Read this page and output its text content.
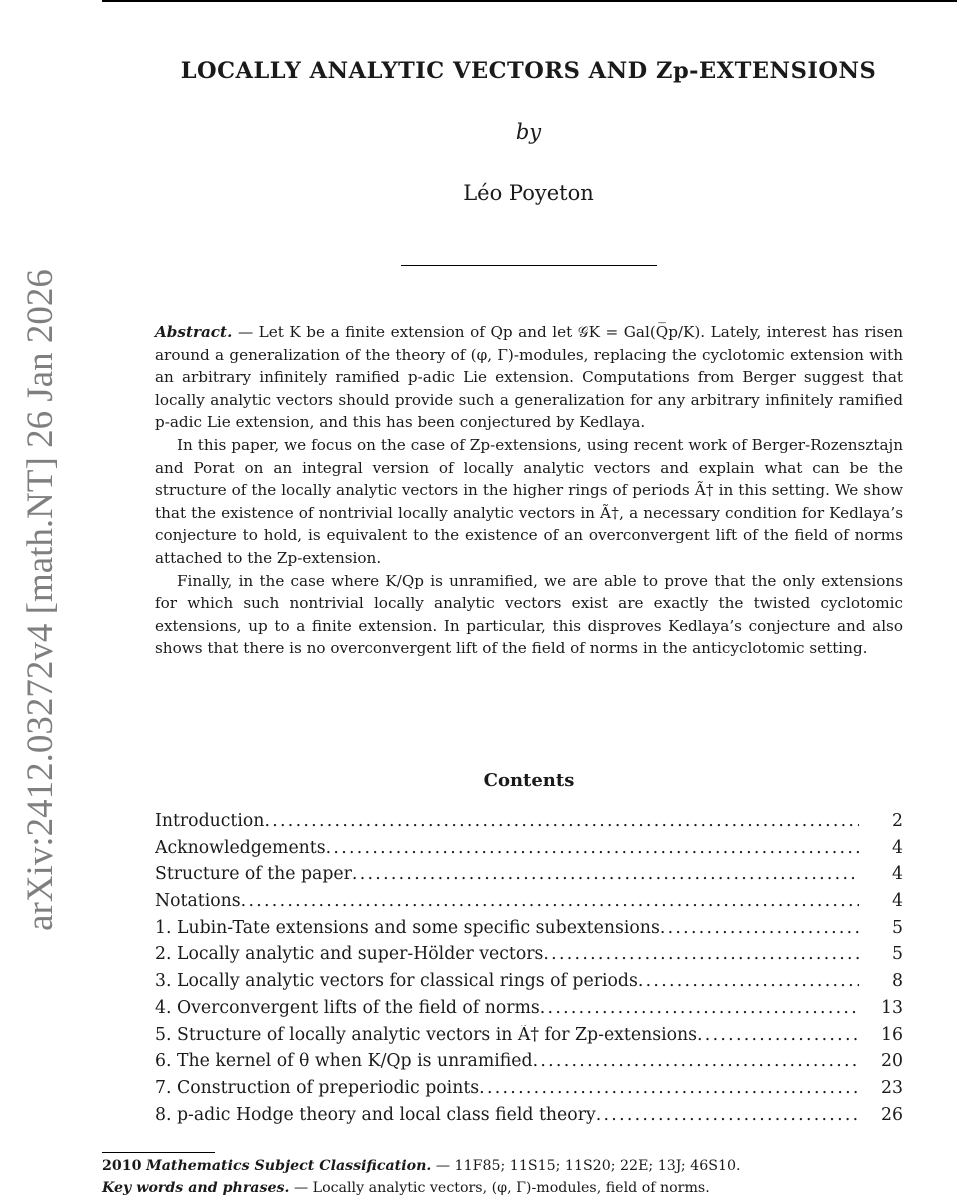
arXiv:2412.03272v4 [math.NT] 26 Jan 2026
LOCALLY ANALYTIC VECTORS AND Zp-EXTENSIONS
by
Léo Poyeton

Abstract. — Let K be a finite extension of Qp and let 𝒢K = Gal(Q̅p/K). Lately, interest has risen around a generalization of the theory of (φ, Γ)-modules, replacing the cyclotomic extension with an arbitrary infinitely ramified p-adic Lie extension. Computations from Berger suggest that locally analytic vectors should provide such a generalization for any arbitrary infinitely ramified p-adic Lie extension, and this has been conjectured by Kedlaya.

In this paper, we focus on the case of Zp-extensions, using recent work of Berger-Rozensztajn and Porat on an integral version of locally analytic vectors and explain what can be the structure of the locally analytic vectors in the higher rings of periods Ã† in this setting. We show that the existence of nontrivial locally analytic vectors in Ã†, a necessary condition for Kedlaya’s conjecture to hold, is equivalent to the existence of an overconvergent lift of the field of norms attached to the Zp-extension.

Finally, in the case where K/Qp is unramified, we are able to prove that the only extensions for which such nontrivial locally analytic vectors exist are exactly the twisted cyclotomic extensions, up to a finite extension. In particular, this disproves Kedlaya’s conjecture and also shows that there is no overconvergent lift of the field of norms in the anticyclotomic setting.

Contents
Introduction . . .	2
Acknowledgements . . .	4
Structure of the paper . . .	4
Notations . . .	4
1. Lubin-Tate extensions and some specific subextensions . . .	5
2. Locally analytic and super-Hölder vectors . . .	5
3. Locally analytic vectors for classical rings of periods . . .	8
4. Overconvergent lifts of the field of norms . . .	13
5. Structure of locally analytic vectors in Ã† for Zp-extensions . . .	16
6. The kernel of θ when K/Qp is unramified . . .	20
7. Construction of preperiodic points . . .	23
8. p-adic Hodge theory and local class field theory . . .	26
2010 Mathematics Subject Classification. — 11F85; 11S15; 11S20; 22E; 13J; 46S10.
Key words and phrases. — Locally analytic vectors, (φ, Γ)-modules, field of norms.
